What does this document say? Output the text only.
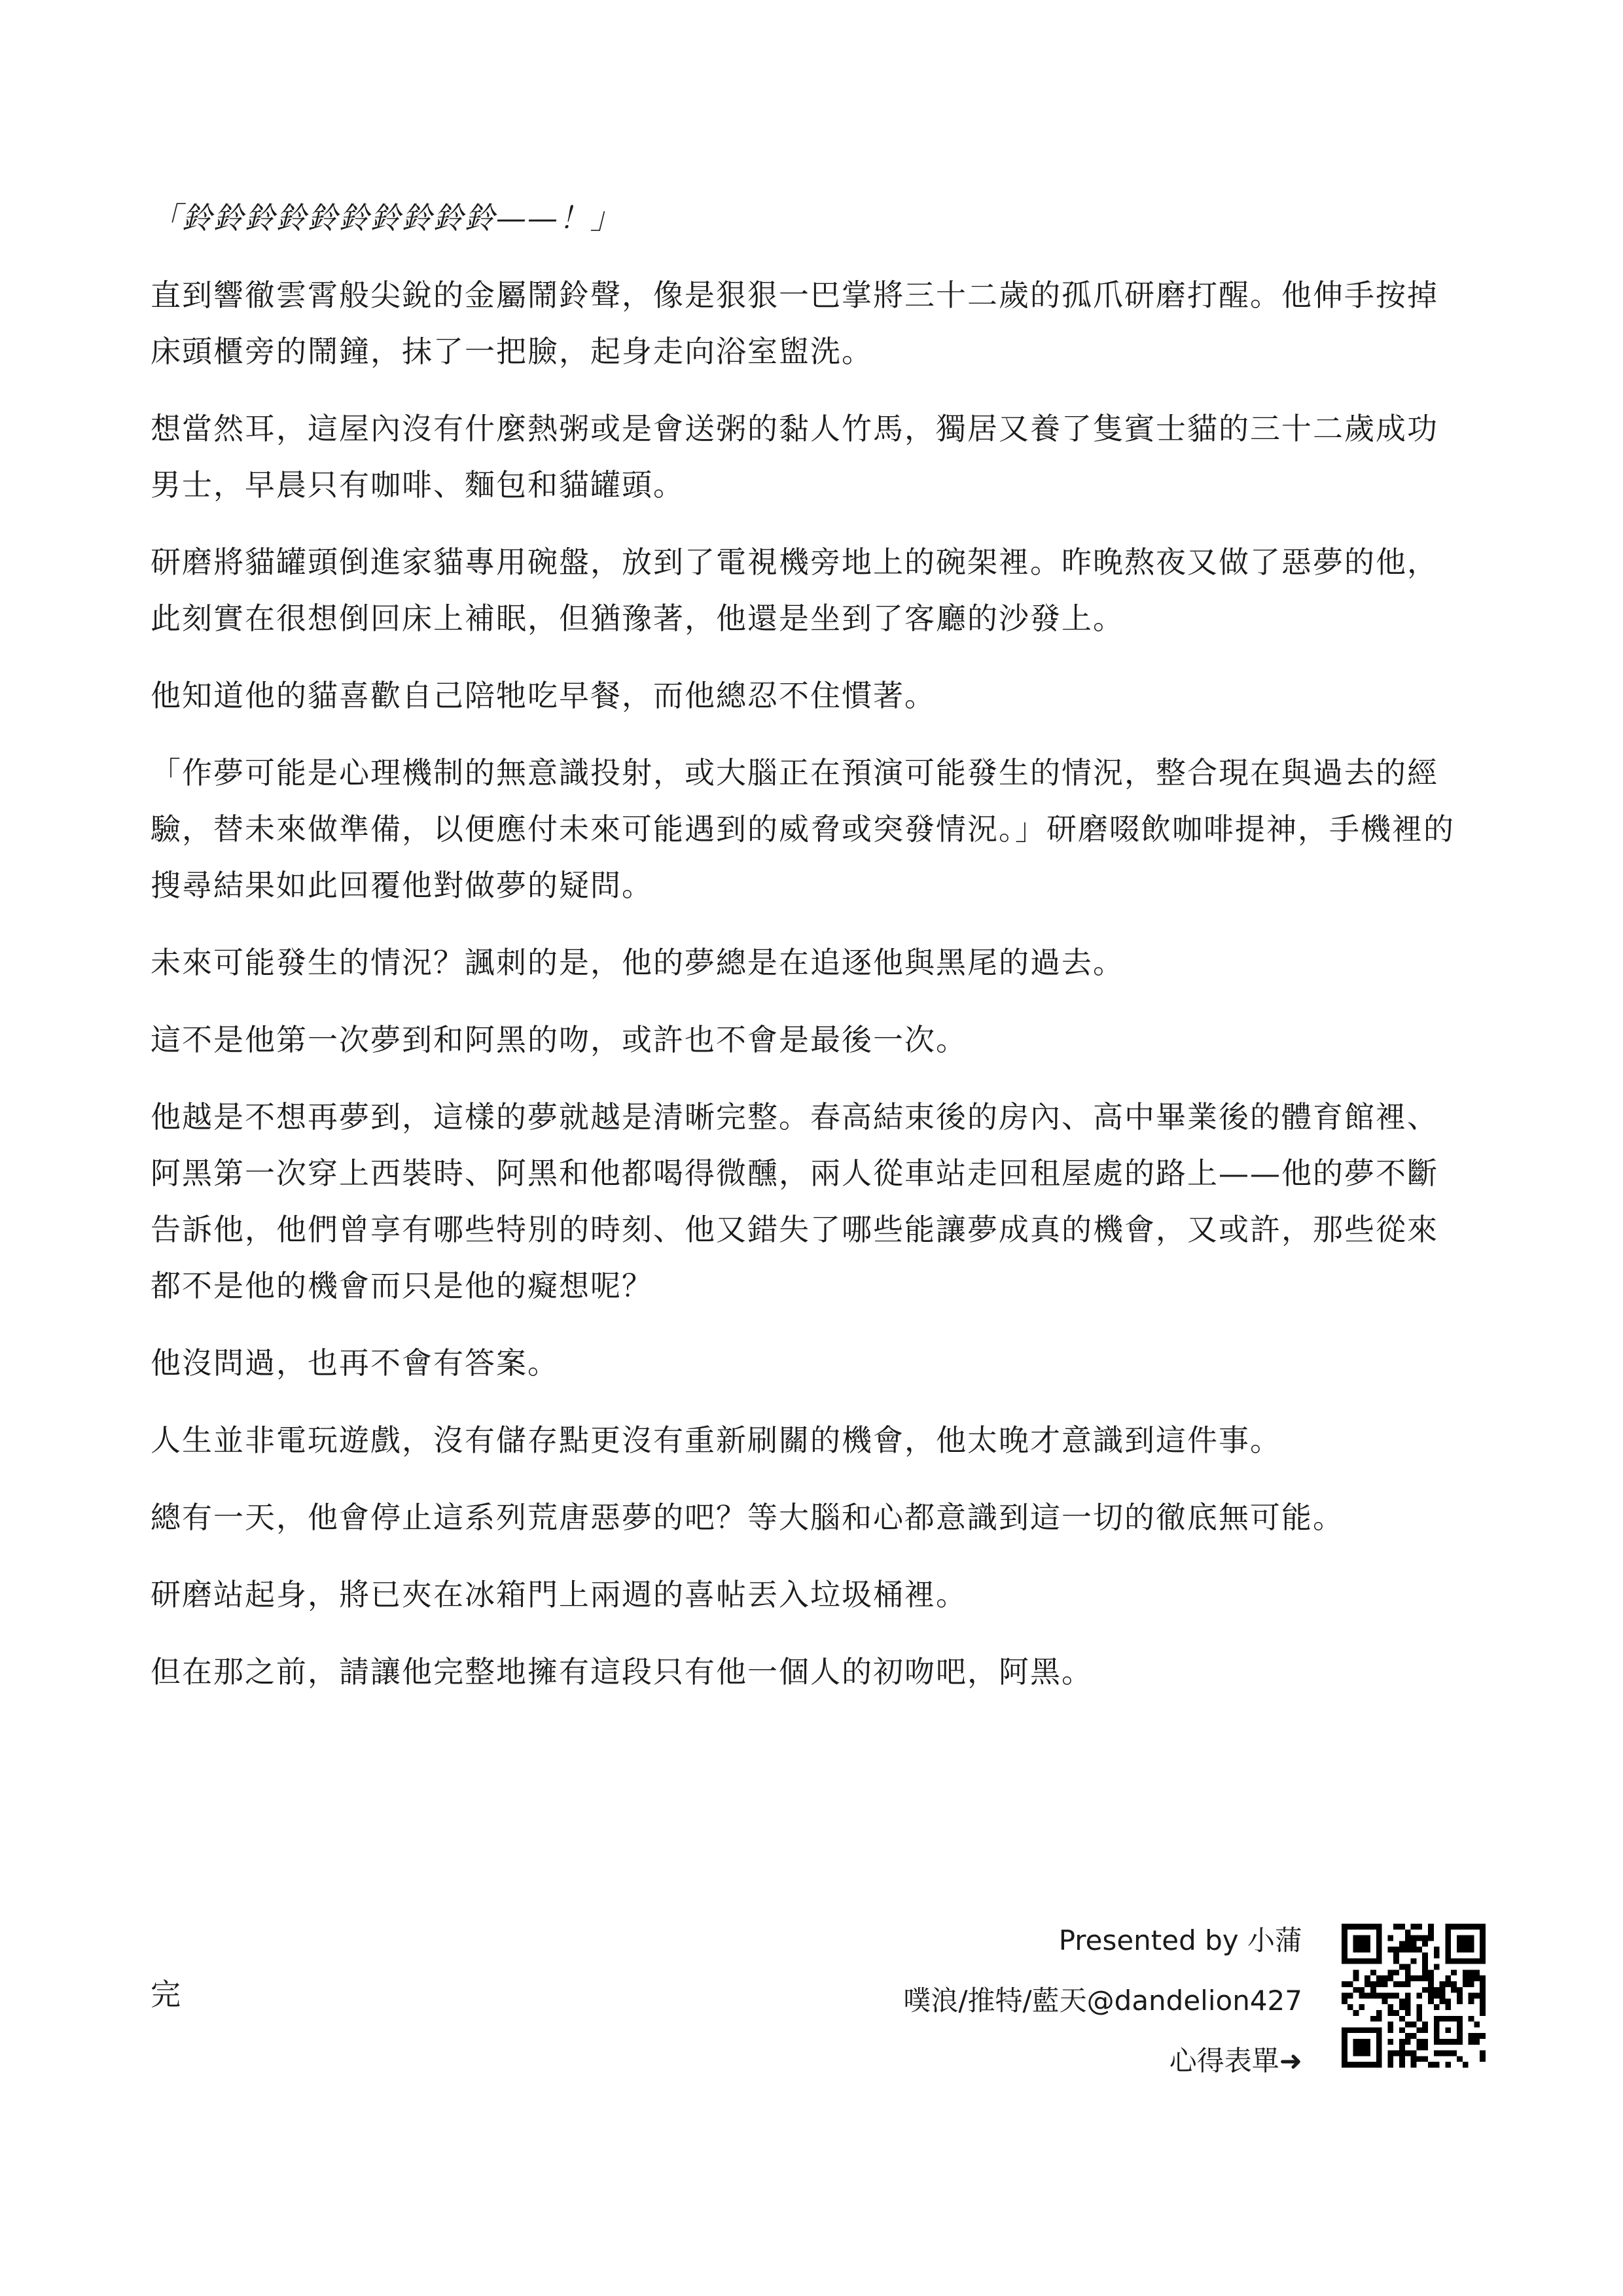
「鈴鈴鈴鈴鈴鈴鈴鈴鈴鈴——！」

直到響徹雲霄般尖銳的金屬鬧鈴聲，像是狠狠一巴掌將三十二歲的孤爪研磨打醒。他伸手按掉床頭櫃旁的鬧鐘，抹了一把臉，起身走向浴室盥洗。

想當然耳，這屋內沒有什麼熱粥或是會送粥的黏人竹馬，獨居又養了隻賓士貓的三十二歲成功男士，早晨只有咖啡、麵包和貓罐頭。

研磨將貓罐頭倒進家貓專用碗盤，放到了電視機旁地上的碗架裡。昨晚熬夜又做了惡夢的他，此刻實在很想倒回床上補眠，但猶豫著，他還是坐到了客廳的沙發上。

他知道他的貓喜歡自己陪牠吃早餐，而他總忍不住慣著。

「作夢可能是心理機制的無意識投射，或大腦正在預演可能發生的情況，整合現在與過去的經驗，替未來做準備，以便應付未來可能遇到的威脅或突發情況。」研磨啜飲咖啡提神，手機裡的搜尋結果如此回覆他對做夢的疑問。

未來可能發生的情況？諷刺的是，他的夢總是在追逐他與黑尾的過去。

這不是他第一次夢到和阿黑的吻，或許也不會是最後一次。

他越是不想再夢到，這樣的夢就越是清晰完整。春高結束後的房內、高中畢業後的體育館裡、阿黑第一次穿上西裝時、阿黑和他都喝得微醺，兩人從車站走回租屋處的路上——他的夢不斷告訴他，他們曾享有哪些特別的時刻、他又錯失了哪些能讓夢成真的機會，又或許，那些從來都不是他的機會而只是他的癡想呢？

他沒問過，也再不會有答案。

人生並非電玩遊戲，沒有儲存點更沒有重新刷關的機會，他太晚才意識到這件事。

總有一天，他會停止這系列荒唐惡夢的吧？等大腦和心都意識到這一切的徹底無可能。

研磨站起身，將已夾在冰箱門上兩週的喜帖丟入垃圾桶裡。

但在那之前，請讓他完整地擁有這段只有他一個人的初吻吧，阿黑。

完
Presented by 小蒲
噗浪/推特/藍天@dandelion427
心得表單➜
